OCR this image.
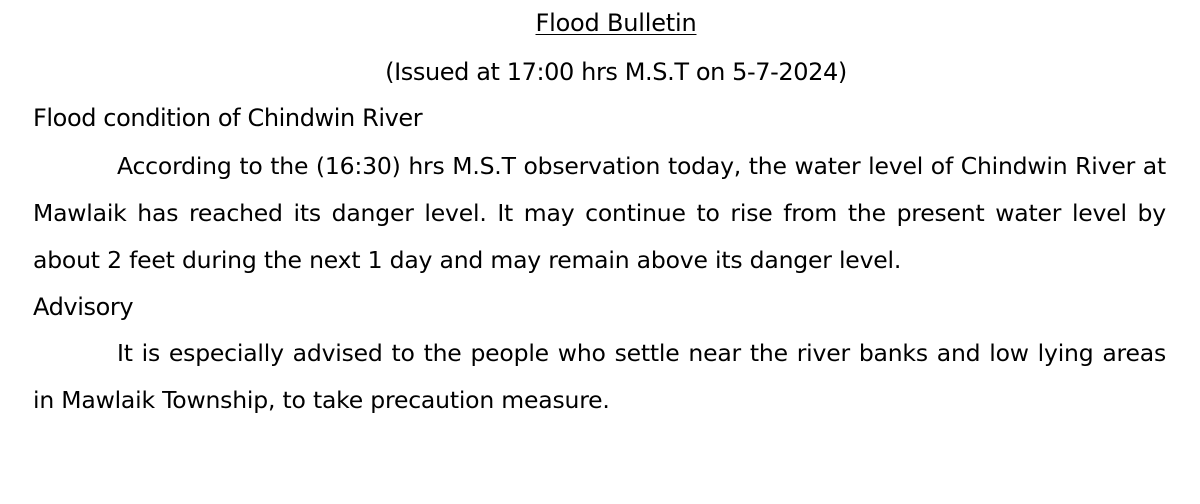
Flood Bulletin
(Issued at 17:00 hrs M.S.T on 5-7-2024)
Flood condition of Chindwin River
According to the (16:30) hrs M.S.T observation today, the water level of Chindwin River at Mawlaik has reached its danger level. It may continue to rise from the present water level by about 2 feet during the next 1 day and may remain above its danger level.
Advisory
It is especially advised to the people who settle near the river banks and low lying areas in Mawlaik Township, to take precaution measure.
